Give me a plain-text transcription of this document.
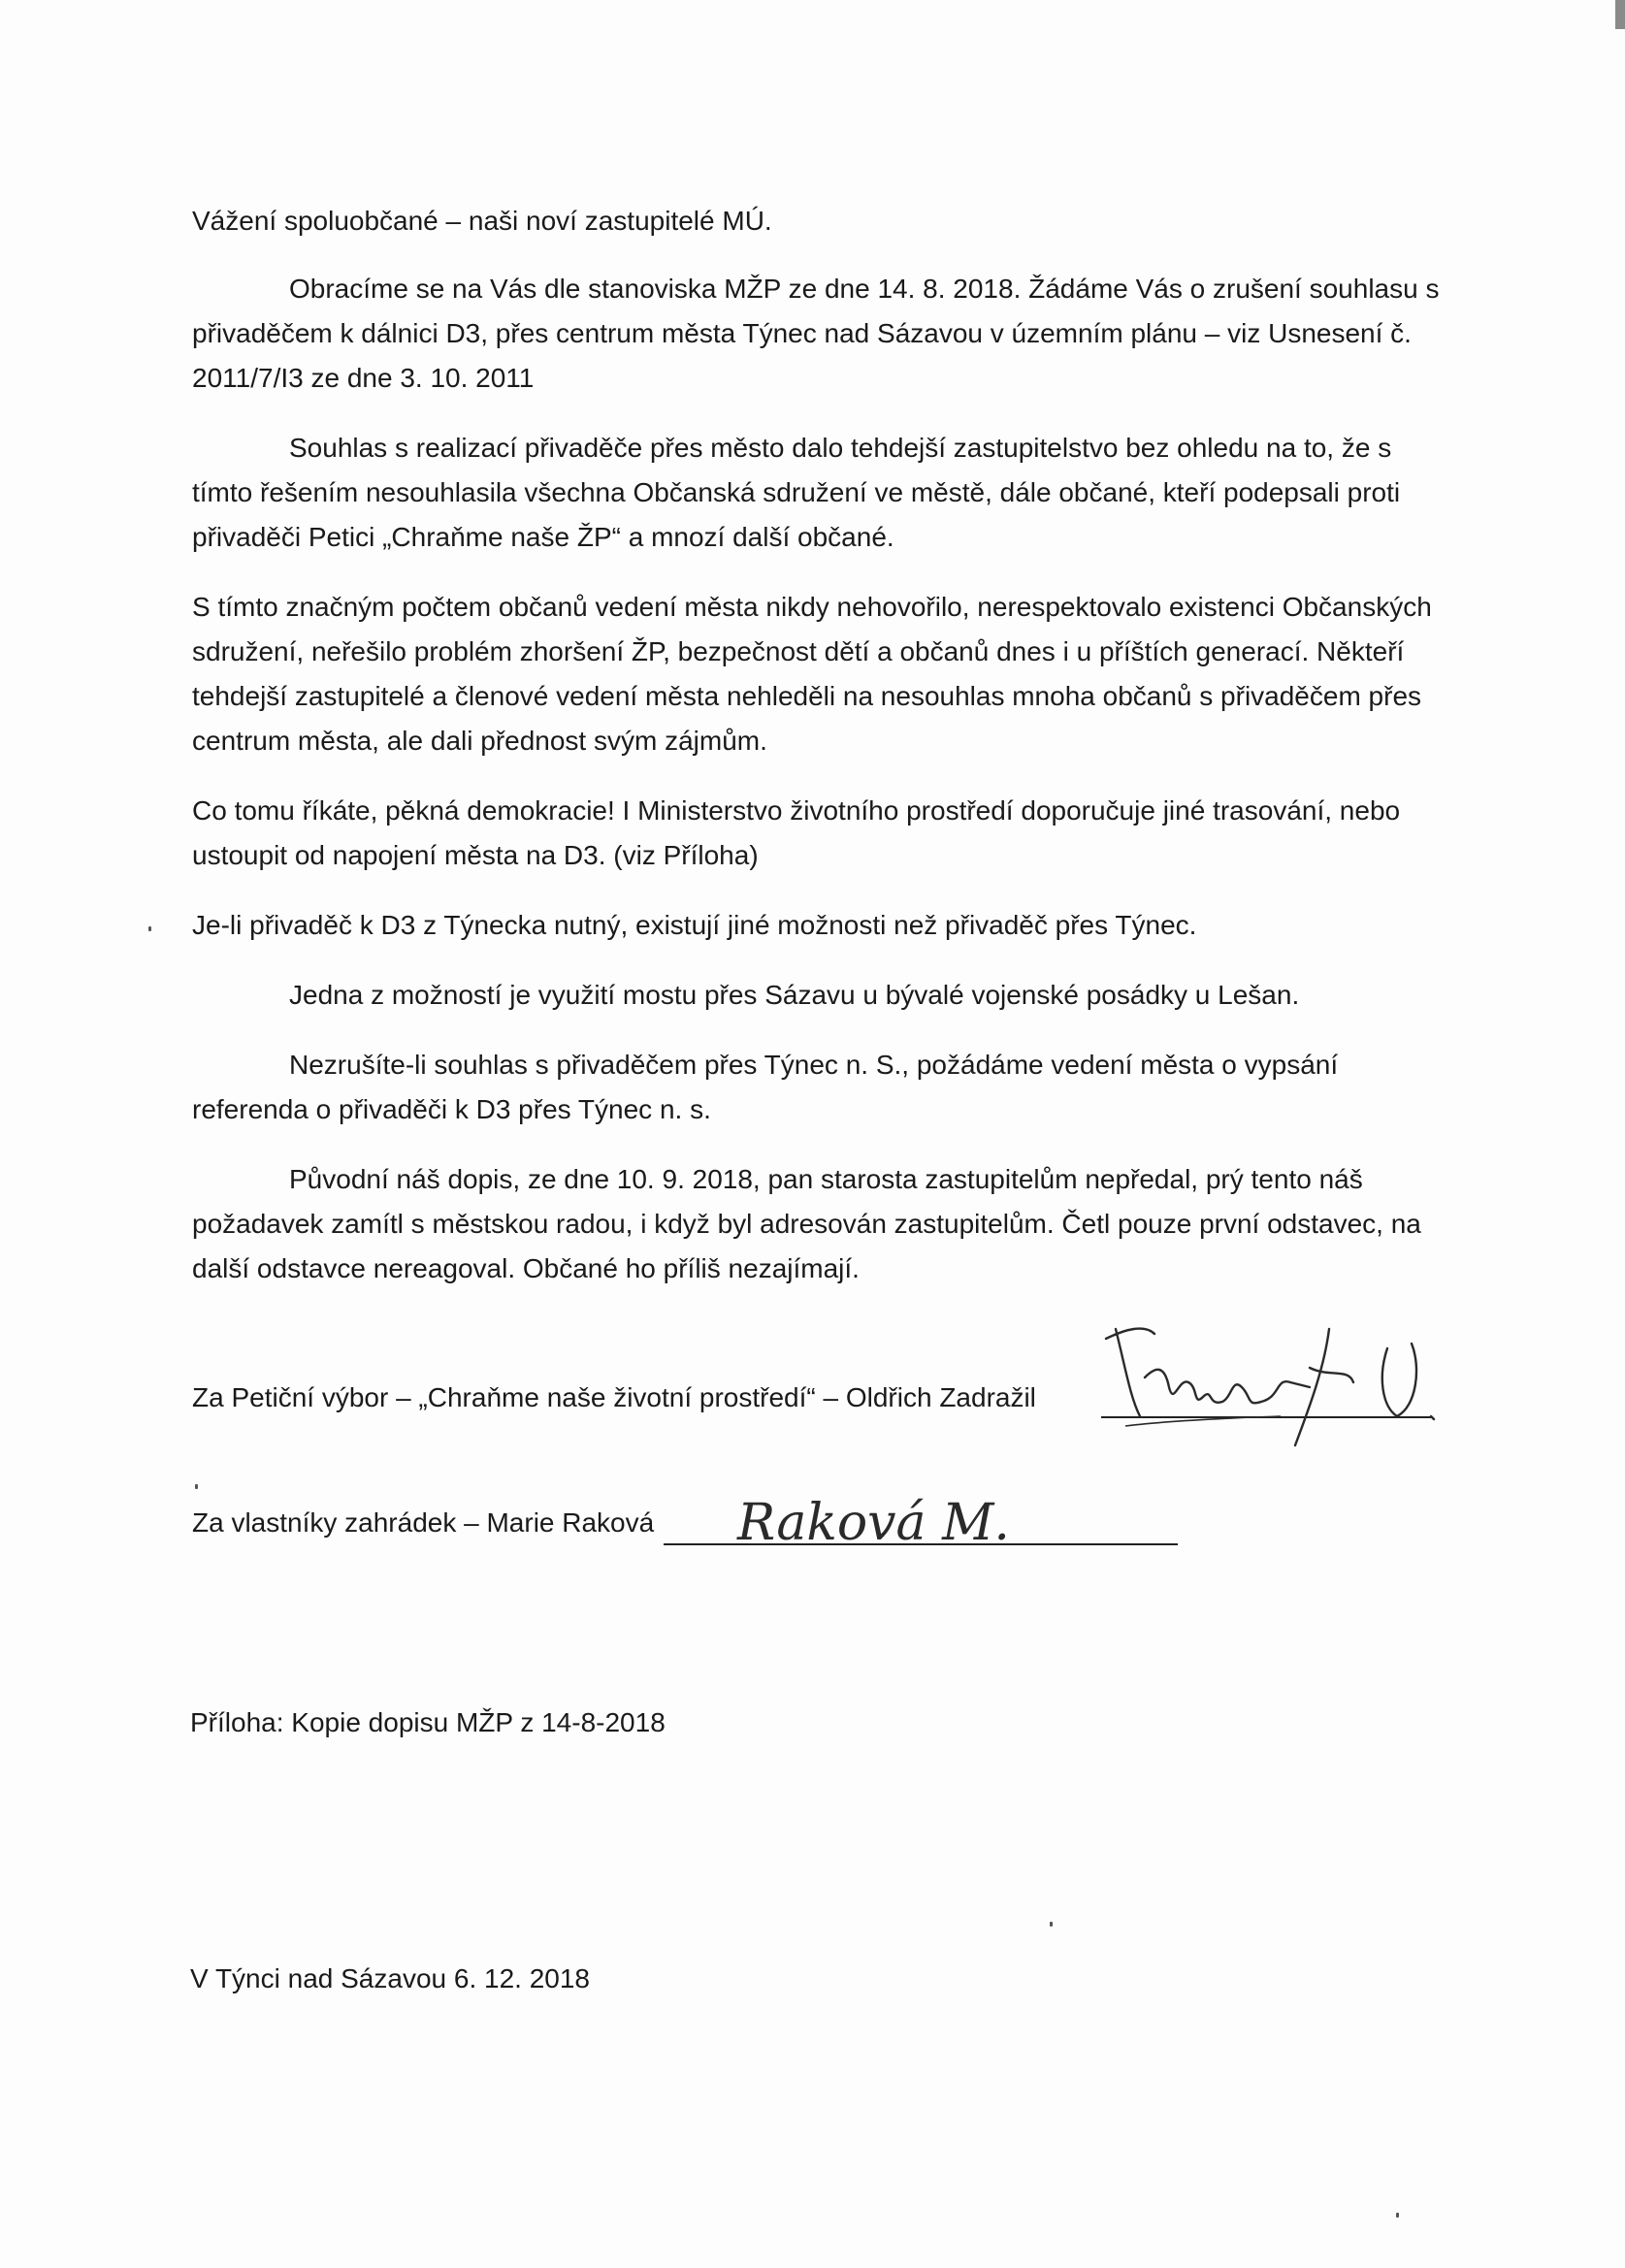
Vážení spoluobčané – naši noví zastupitelé MÚ.

Obracíme se na Vás dle stanoviska MŽP ze dne 14. 8. 2018. Žádáme Vás o zrušení souhlasu s přivaděčem k dálnici D3, přes centrum města Týnec nad Sázavou v územním plánu – viz Usnesení č. 2011/7/I3 ze dne 3. 10. 2011

Souhlas s realizací přivaděče přes město dalo tehdejší zastupitelstvo bez ohledu na to, že s tímto řešením nesouhlasila všechna Občanská sdružení ve městě, dále občané, kteří podepsali proti přivaděči Petici „Chraňme naše ŽP“ a mnozí další občané.

S tímto značným počtem občanů vedení města nikdy nehovořilo, nerespektovalo existenci Občanských sdružení, neřešilo problém zhoršení ŽP, bezpečnost dětí a občanů dnes i u příštích generací. Někteří tehdejší zastupitelé a členové vedení města nehleděli na nesouhlas mnoha občanů s přivaděčem přes centrum města, ale dali přednost svým zájmům.

Co tomu říkáte, pěkná demokracie! I Ministerstvo životního prostředí doporučuje jiné trasování, nebo ustoupit od napojení města na D3. (viz Příloha)

Je-li přivaděč k D3 z Týnecka nutný, existují jiné možnosti než přivaděč přes Týnec.

Jedna z možností je využití mostu přes Sázavu u bývalé vojenské posádky u Lešan.

Nezrušíte-li souhlas s přivaděčem přes Týnec n. S., požádáme vedení města o vypsání referenda o přivaděči k D3 přes Týnec n. s.

Původní náš dopis, ze dne 10. 9. 2018, pan starosta zastupitelům nepředal, prý tento náš požadavek zamítl s městskou radou, i když byl adresován zastupitelům. Četl pouze první odstavec, na další odstavce nereagoval. Občané ho příliš nezajímají.

Za Petiční výbor – „Chraňme naše životní prostředí“ – Oldřich Zadražil
Za vlastníky zahrádek – Marie Raková	Raková M.
Příloha: Kopie dopisu MŽP z 14-8-2018
V Týnci nad Sázavou 6. 12. 2018
